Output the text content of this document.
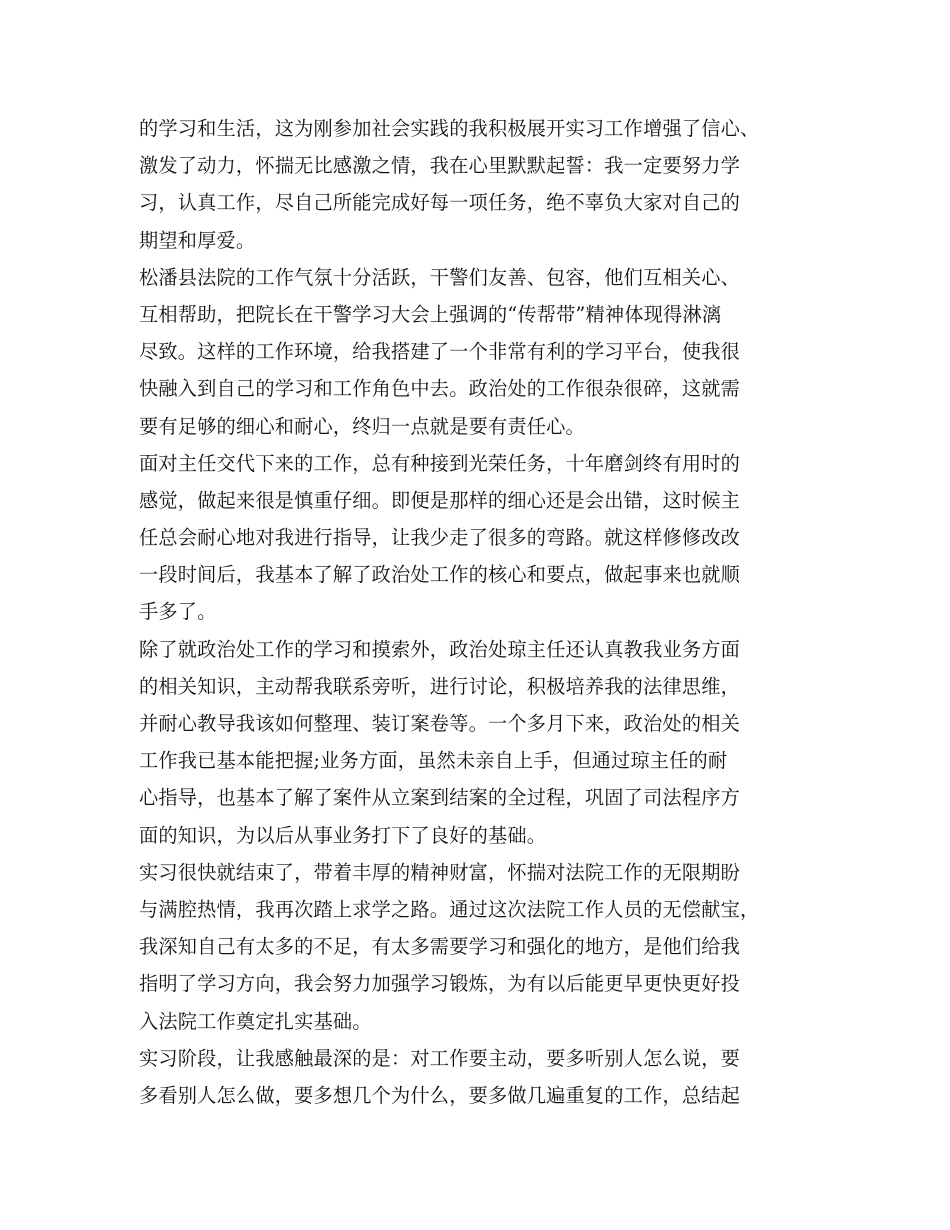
的学习和生活，这为刚参加社会实践的我积极展开实习工作增强了信心、
激发了动力，怀揣无比感激之情，我在心里默默起誓：我一定要努力学
习，认真工作，尽自己所能完成好每一项任务，绝不辜负大家对自己的
期望和厚爱。
松潘县法院的工作气氛十分活跃，干警们友善、包容，他们互相关心、
互相帮助，把院长在干警学习大会上强调的“传帮带”精神体现得淋漓
尽致。这样的工作环境，给我搭建了一个非常有利的学习平台，使我很
快融入到自己的学习和工作角色中去。政治处的工作很杂很碎，这就需
要有足够的细心和耐心，终归一点就是要有责任心。
面对主任交代下来的工作，总有种接到光荣任务，十年磨剑终有用时的
感觉，做起来很是慎重仔细。即便是那样的细心还是会出错，这时候主
任总会耐心地对我进行指导，让我少走了很多的弯路。就这样修修改改
一段时间后，我基本了解了政治处工作的核心和要点，做起事来也就顺
手多了。
除了就政治处工作的学习和摸索外，政治处琼主任还认真教我业务方面
的相关知识，主动帮我联系旁听，进行讨论，积极培养我的法律思维，
并耐心教导我该如何整理、装订案卷等。一个多月下来，政治处的相关
工作我已基本能把握;业务方面，虽然未亲自上手，但通过琼主任的耐
心指导，也基本了解了案件从立案到结案的全过程，巩固了司法程序方
面的知识，为以后从事业务打下了良好的基础。
实习很快就结束了，带着丰厚的精神财富，怀揣对法院工作的无限期盼
与满腔热情，我再次踏上求学之路。通过这次法院工作人员的无偿献宝，
我深知自己有太多的不足，有太多需要学习和强化的地方，是他们给我
指明了学习方向，我会努力加强学习锻炼，为有以后能更早更快更好投
入法院工作奠定扎实基础。
实习阶段，让我感触最深的是：对工作要主动，要多听别人怎么说，要
多看别人怎么做，要多想几个为什么，要多做几遍重复的工作，总结起
